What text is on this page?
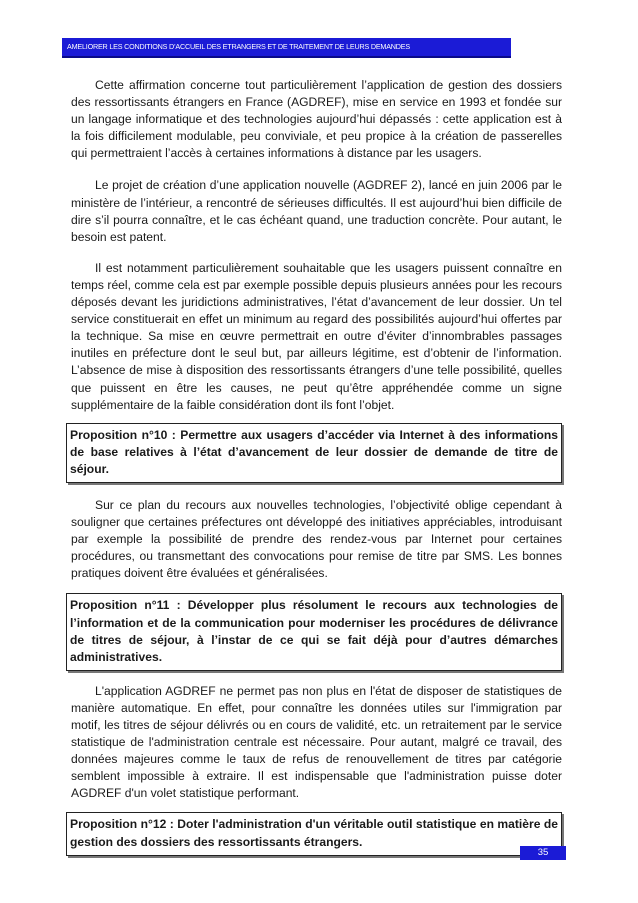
AMELIORER LES CONDITIONS D’ACCUEIL DES ETRANGERS ET DE TRAITEMENT DE LEURS DEMANDES

Cette affirmation concerne tout particulièrement l’application de gestion des dossiers des ressortissants étrangers en France (AGDREF), mise en service en 1993 et fondée sur un langage informatique et des technologies aujourd’hui dépassés : cette application est à la fois difficilement modulable, peu conviviale, et peu propice à la création de passerelles qui permettraient l’accès à certaines informations à distance par les usagers.

Le projet de création d’une application nouvelle (AGDREF 2), lancé en juin 2006 par le ministère de l’intérieur, a rencontré de sérieuses difficultés. Il est aujourd’hui bien difficile de dire s’il pourra connaître, et le cas échéant quand, une traduction concrète. Pour autant, le besoin est patent.

Il est notamment particulièrement souhaitable que les usagers puissent connaître en temps réel, comme cela est par exemple possible depuis plusieurs années pour les recours déposés devant les juridictions administratives, l’état d’avancement de leur dossier. Un tel service constituerait en effet un minimum au regard des possibilités aujourd’hui offertes par la technique. Sa mise en œuvre permettrait en outre d’éviter d’innombrables passages inutiles en préfecture dont le seul but, par ailleurs légitime, est d’obtenir de l’information. L’absence de mise à disposition des ressortissants étrangers d’une telle possibilité, quelles que puissent en être les causes, ne peut qu’être appréhendée comme un signe supplémentaire de la faible considération dont ils font l’objet.

Proposition n°10 : Permettre aux usagers d’accéder via Internet à des informations de base relatives à l’état d’avancement de leur dossier de demande de titre de séjour.

Sur ce plan du recours aux nouvelles technologies, l’objectivité oblige cependant à souligner que certaines préfectures ont développé des initiatives appréciables, introduisant par exemple la possibilité de prendre des rendez-vous par Internet pour certaines procédures, ou transmettant des convocations pour remise de titre par SMS. Les bonnes pratiques doivent être évaluées et généralisées.

Proposition n°11 : Développer plus résolument le recours aux technologies de l’information et de la communication pour moderniser les procédures de délivrance de titres de séjour, à l’instar de ce qui se fait déjà pour d’autres démarches administratives.

L'application AGDREF ne permet pas non plus en l'état de disposer de statistiques de manière automatique. En effet, pour connaître les données utiles sur l'immigration par motif, les titres de séjour délivrés ou en cours de validité, etc. un retraitement par le service statistique de l'administration centrale est nécessaire. Pour autant, malgré ce travail, des données majeures comme le taux de refus de renouvellement de titres par catégorie semblent impossible à extraire. Il est indispensable que l'administration puisse doter AGDREF d'un volet statistique performant.

Proposition n°12 : Doter l'administration d'un véritable outil statistique en matière de gestion des dossiers des ressortissants étrangers.
35
